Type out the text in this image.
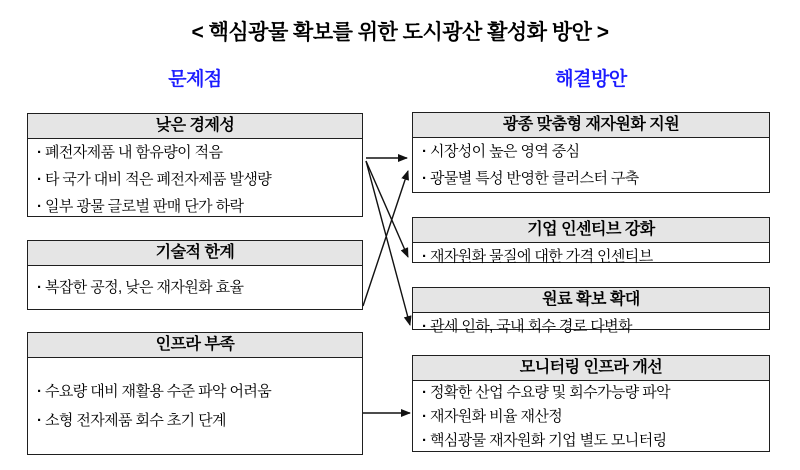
< 핵심광물 확보를 위한 도시광산 활성화 방안 >
문제점	해결방안
낮은 경제성
· 폐전자제품 내 함유량이 적음
· 타 국가 대비 적은 폐전자제품 발생량
· 일부 광물 글로벌 판매 단가 하락
기술적 한계
· 복잡한 공정, 낮은 재자원화 효율
인프라 부족
· 수요량 대비 재활용 수준 파악 어려움
· 소형 전자제품 회수 초기 단계
광종 맞춤형 재자원화 지원
· 시장성이 높은 영역 중심
· 광물별 특성 반영한 클러스터 구축
기업 인센티브 강화
· 재자원화 물질에 대한 가격 인센티브
원료 확보 확대
· 관세 인하, 국내 회수 경로 다변화
모니터링 인프라 개선
· 정확한 산업 수요량 및 회수가능량 파악
· 재자원화 비율 재산정
· 핵심광물 재자원화 기업 별도 모니터링
